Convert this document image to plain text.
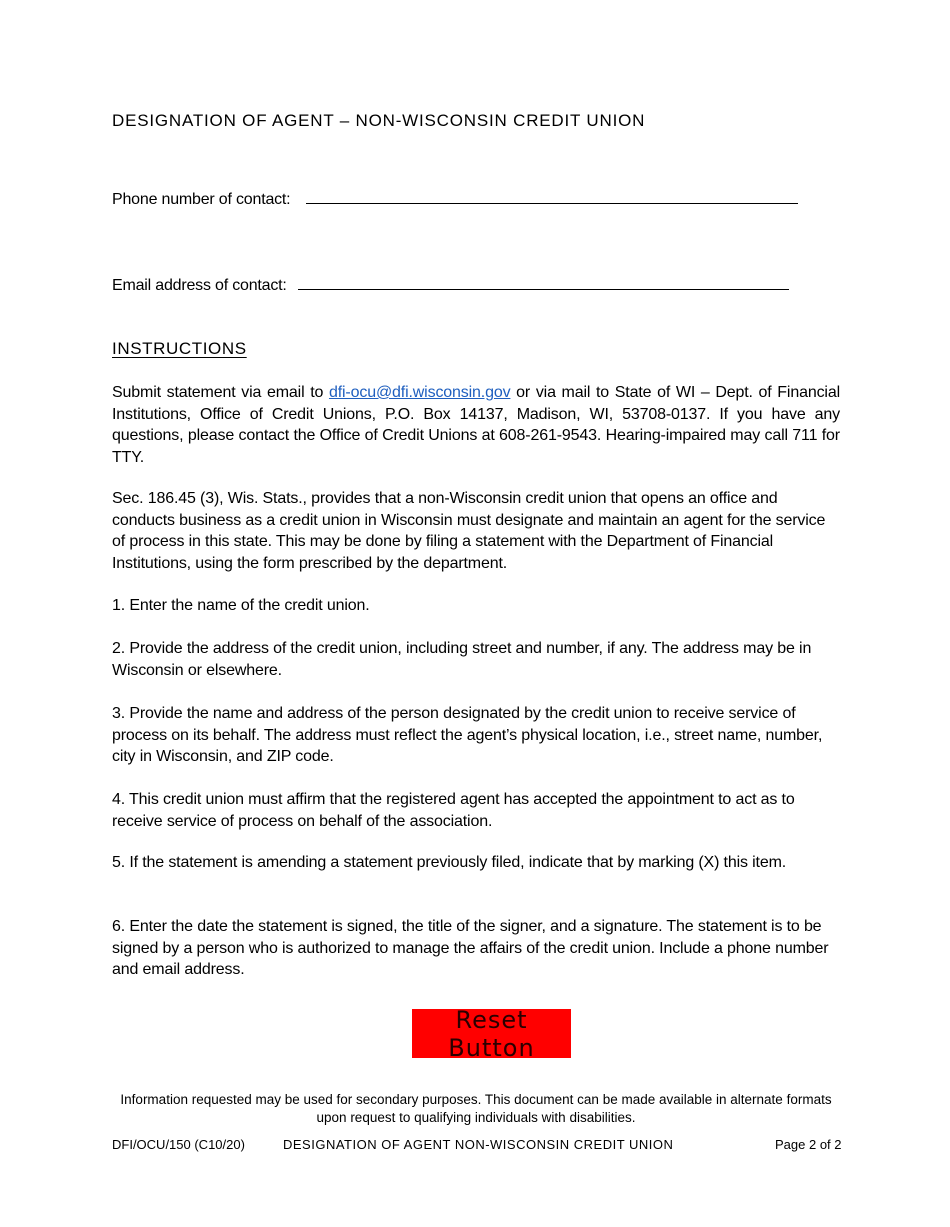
DESIGNATION OF AGENT – NON-WISCONSIN CREDIT UNION
Phone number of contact:
Email address of contact:
INSTRUCTIONS
Submit statement via email to dfi-ocu@dfi.wisconsin.gov or via mail to State of WI – Dept. of Financial Institutions, Office of Credit Unions, P.O. Box 14137, Madison, WI, 53708-0137. If you have any questions, please contact the Office of Credit Unions at 608-261-9543. Hearing-impaired may call 711 for TTY.
Sec. 186.45 (3), Wis. Stats., provides that a non-Wisconsin credit union that opens an office and conducts business as a credit union in Wisconsin must designate and maintain an agent for the service of process in this state. This may be done by filing a statement with the Department of Financial Institutions, using the form prescribed by the department.
1. Enter the name of the credit union.
2. Provide the address of the credit union, including street and number, if any. The address may be in Wisconsin or elsewhere.
3. Provide the name and address of the person designated by the credit union to receive service of process on its behalf. The address must reflect the agent’s physical location, i.e., street name, number, city in Wisconsin, and ZIP code.
4. This credit union must affirm that the registered agent has accepted the appointment to act as to receive service of process on behalf of the association.
5. If the statement is amending a statement previously filed, indicate that by marking (X) this item.
6. Enter the date the statement is signed, the title of the signer, and a signature. The statement is to be signed by a person who is authorized to manage the affairs of the credit union. Include a phone number and email address.
Reset Button
Information requested may be used for secondary purposes. This document can be made available in alternate formats upon request to qualifying individuals with disabilities.
DFI/OCU/150 (C10/20)	DESIGNATION OF AGENT NON-WISCONSIN CREDIT UNION	Page 2 of 2
